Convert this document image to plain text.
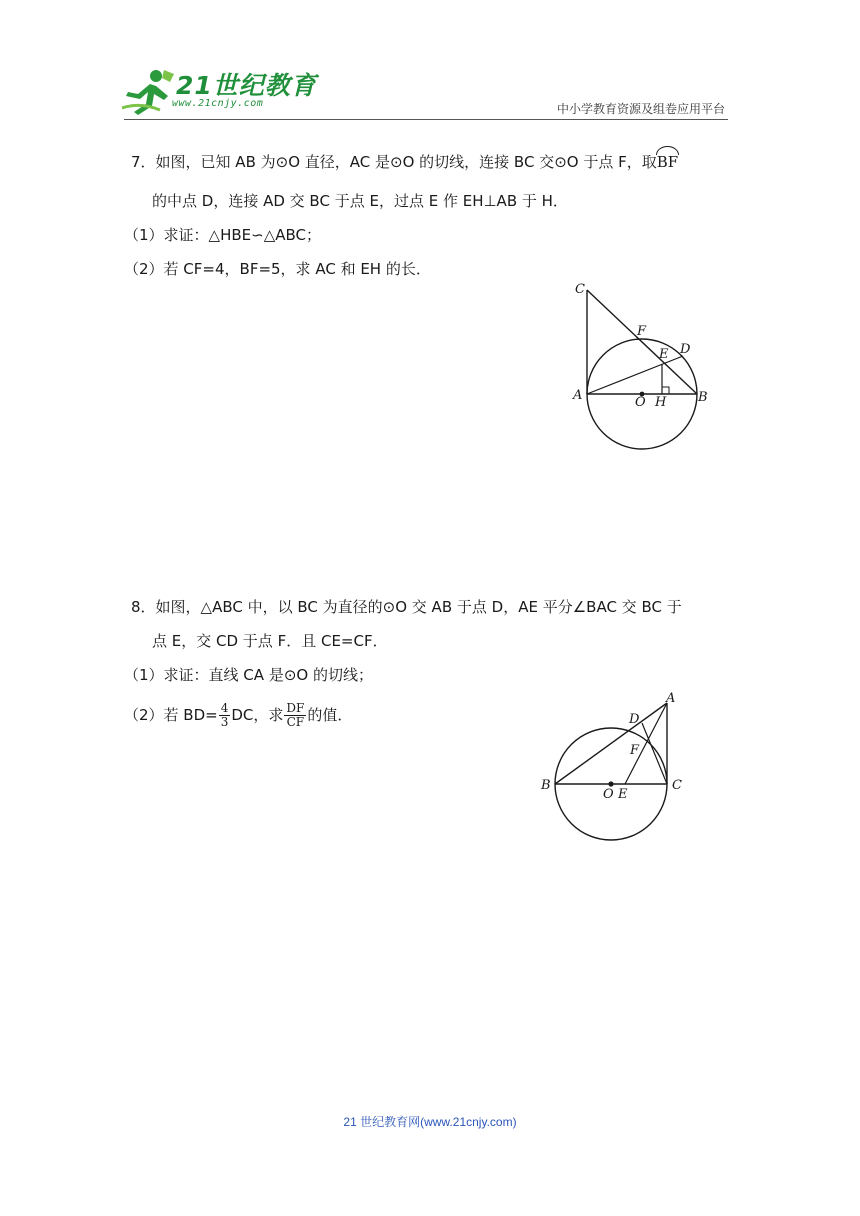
21世纪教育
www.21cnjy.com	中小学教育资源及组卷应用平台
7．如图，已知 AB 为⊙O 直径，AC 是⊙O 的切线，连接 BC 交⊙O 于点 F，取BF
的中点 D，连接 AD 交 BC 于点 E，过点 E 作 EH⊥AB 于 H．
（1）求证：△HBE∽△ABC；
（2）若 CF=4，BF=5，求 AC 和 EH 的长．
C
F
E D
A	O H B
8．如图，△ABC 中，以 BC 为直径的⊙O 交 AB 于点 D，AE 平分∠BAC 交 BC 于
点 E，交 CD 于点 F．且 CE=CF．
（1）求证：直线 CA 是⊙O 的切线；
（2）若 $BD= \frac{4}{3}$ DC，求 $\frac{DF}{CF}$ 的值．
A
D
F
B
O E
C
21 世纪教育网(www.21cnjy.com)
